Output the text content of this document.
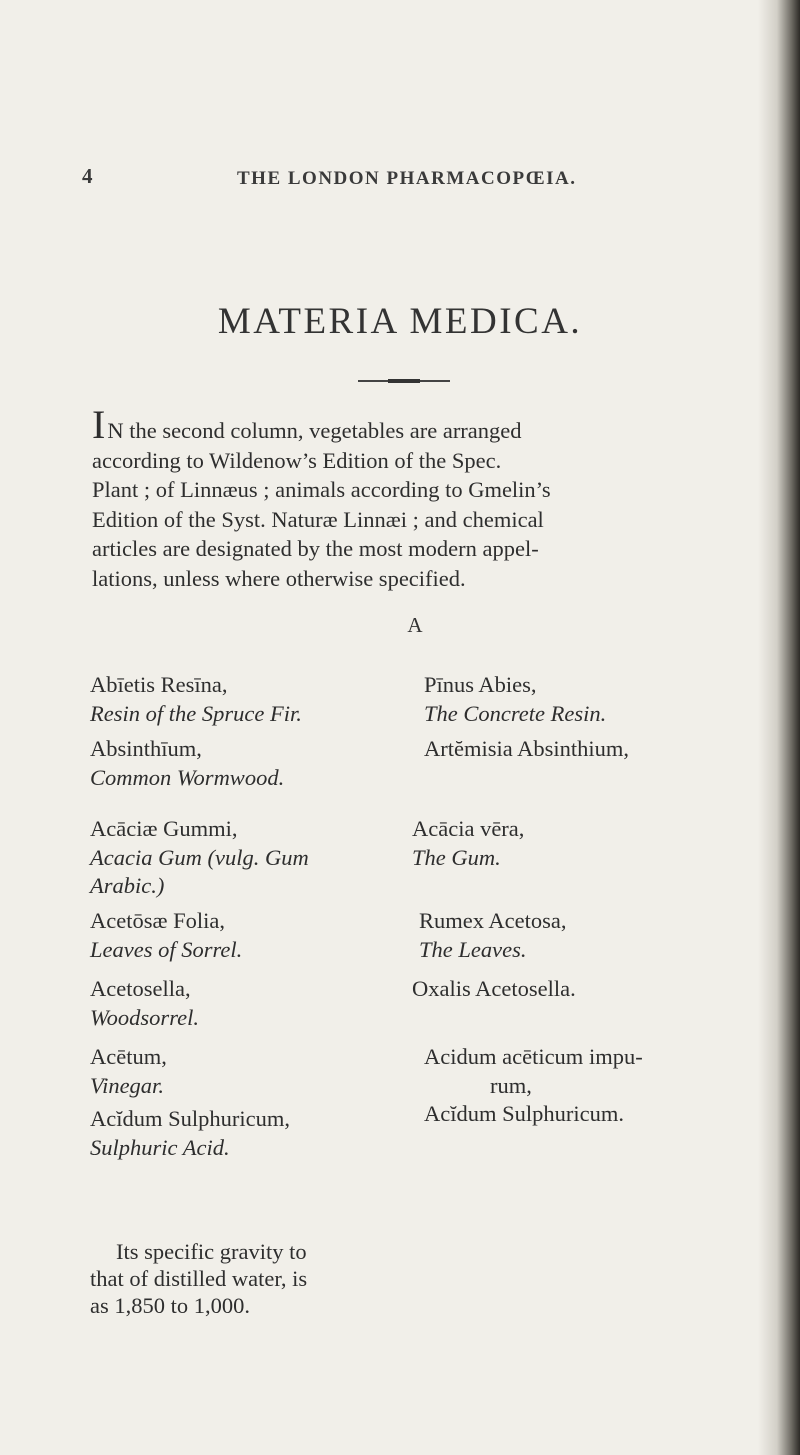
4	THE LONDON PHARMACOPŒIA.
MATERIA MEDICA.
IN the second column, vegetables are arranged
according to Wildenow’s Edition of the Spec.
Plant ; of Linnæus ; animals according to Gmelin’s
Edition of the Syst. Naturæ Linnæi ; and chemical
articles are designated by the most modern appel-
lations, unless where otherwise specified.
A
Abīetis Resīna,
Resin of the Spruce Fir.
Pīnus Abies,
The Concrete Resin.
Absinthīum,
Common Wormwood.
Artĕmisia Absinthium,
Acāciæ Gummi,
Acacia Gum (vulg. Gum
Arabic.)
Acācia vēra,
The Gum.
Acetōsæ Folia,
Leaves of Sorrel.
Rumex Acetosa,
The Leaves.
Acetosella,
Woodsorrel.
Oxalis Acetosella.
Acētum,
Vinegar.
Acidum acēticum impu-
rum,
Acĭdum Sulphuricum,
Sulphuric Acid.
Acĭdum Sulphuricum.
Its specific gravity to
that of distilled water, is
as 1,850 to 1,000.
